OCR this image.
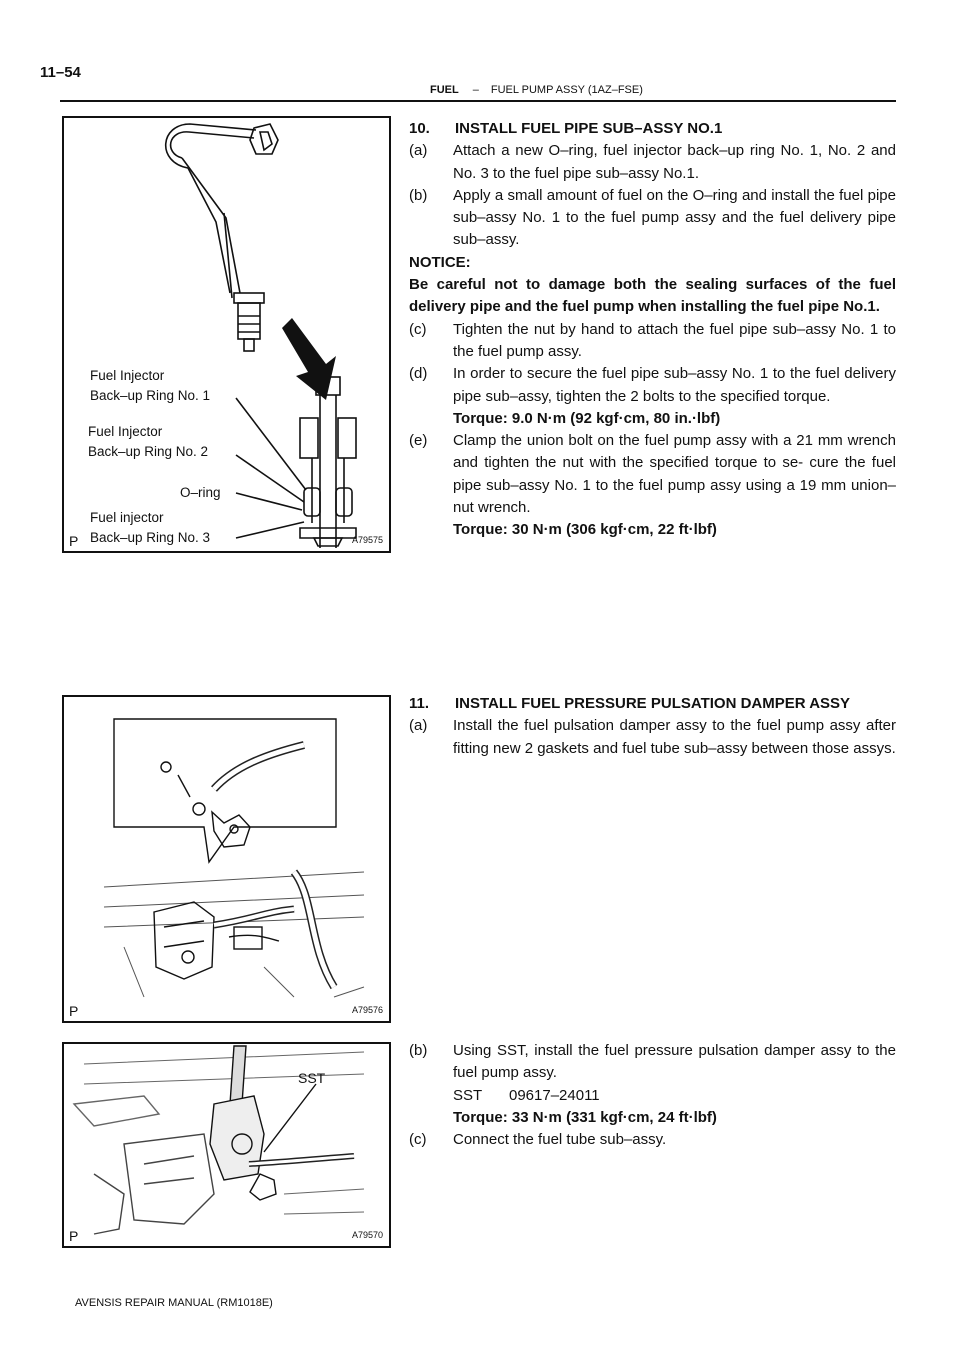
11–54
FUEL – FUEL PUMP ASSY (1AZ–FSE)
Fuel Injector
Back–up Ring No. 1
Fuel Injector
Back–up Ring No. 2
O–ring
Fuel injector
Back–up Ring No. 3
P	A79575
P	A79576
SST
P	A79570
10.	INSTALL FUEL PIPE SUB–ASSY NO.1
(a)	Attach a new O–ring, fuel injector back–up ring No. 1, No. 2 and No. 3 to the fuel pipe sub–assy No.1.
(b)	Apply a small amount of fuel on the O–ring and install the fuel pipe sub–assy No. 1 to the fuel pump assy and the fuel delivery pipe sub–assy.

NOTICE:

Be careful not to damage both the sealing surfaces of the fuel delivery pipe and the fuel pump when installing the fuel pipe No.1.

(c)	Tighten the nut by hand to attach the fuel pipe sub–assy No. 1 to the fuel pump assy.
(d)	In order to secure the fuel pipe sub–assy No. 1 to the fuel delivery pipe sub–assy, tighten the 2 bolts to the specified torque.

Torque: 9.0 N·m (92 kgf·cm, 80 in.·lbf)

(e)	Clamp the union bolt on the fuel pump assy with a 21 mm wrench and tighten the nut with the specified torque to se- cure the fuel pipe sub–assy No. 1 to the fuel pump assy using a 19 mm union–nut wrench.

Torque: 30 N·m (306 kgf·cm, 22 ft·lbf)

11.	INSTALL FUEL PRESSURE PULSATION DAMPER ASSY
(a)	Install the fuel pulsation damper assy to the fuel pump assy after fitting new 2 gaskets and fuel tube sub–assy between those assys.
(b)	Using SST, install the fuel pressure pulsation damper assy to the fuel pump assy.

SST 09617–24011

Torque: 33 N·m (331 kgf·cm, 24 ft·lbf)

(c)	Connect the fuel tube sub–assy.
AVENSIS REPAIR MANUAL (RM1018E)
